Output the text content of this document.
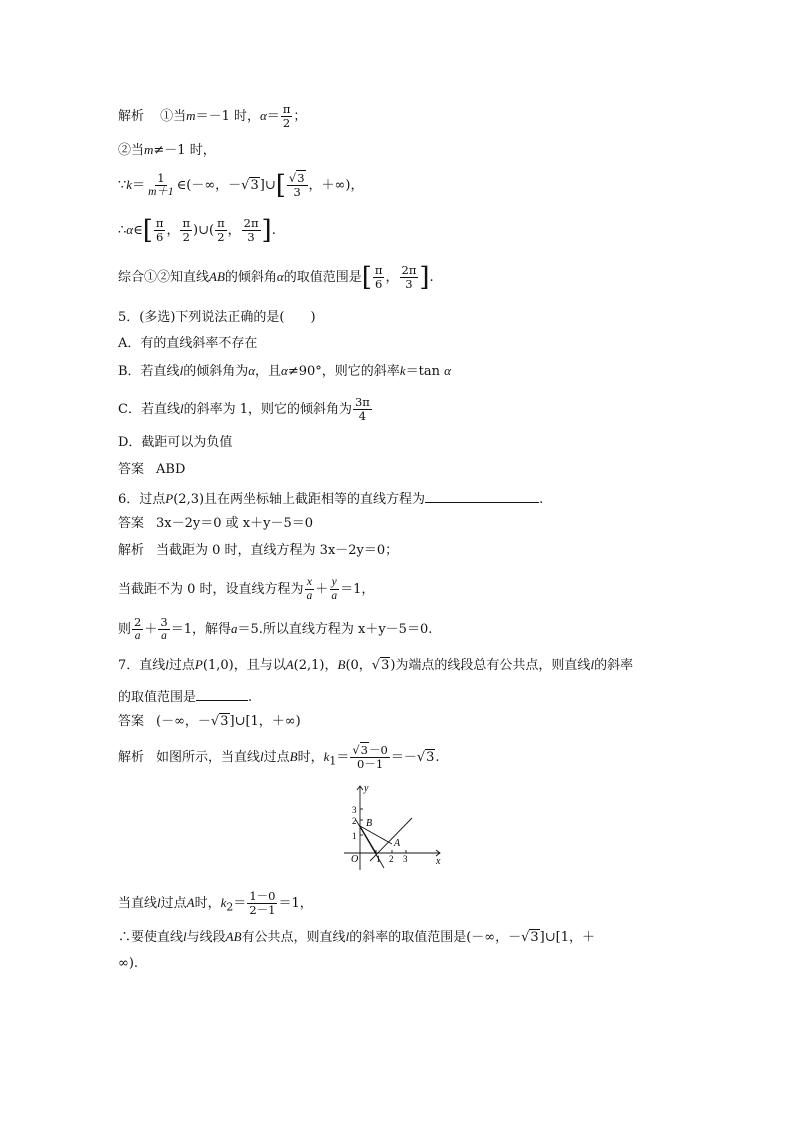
解析 ①当m＝－1 时，$\alpha= \frac{\pi}{2}$ ；
②当m≠－1 时，
∵k＝ $\frac{1}{m+1}$ ∈(－∞，－√3]∪[ $\frac{√3}{3}$ ，＋∞)，
∴α∈[ $\frac{\pi}{6}$ ， $\frac{\pi}{2}$ )∪( $\frac{\pi}{2}$ ， $\frac{2\pi}{3}$ ].
综合①②知直线AB的倾斜角α的取值范围是[ $\frac{\pi}{6}$ ， $\frac{2\pi}{3}$ ].
5．(多选)下列说法正确的是(　　)
A．有的直线斜率不存在
B．若直线l的倾斜角为α，且α≠90°，则它的斜率k＝tan α
C．若直线l的斜率为 1，则它的倾斜角为 $\frac{3\pi}{4}$
D．截距可以为负值
答案 ABD
6．过点P(2,3)且在两坐标轴上截距相等的直线方程为	.
答案 3x－2y＝0 或 x＋y－5＝0
解析 当截距为 0 时，直线方程为 3x－2y＝0；
当截距不为 0 时，设直线方程为 $\frac{x}{a} + \frac{y}{a} =1$，
则 $\frac{2}{a} + \frac{3}{a} =1$，解得a＝5.所以直线方程为 x＋y－5＝0.
7．直线l过点P(1,0)，且与以A(2,1)，B(0，√3)为端点的线段总有公共点，则直线l的斜率
的取值范围是	.
答案 (－∞，－√3]∪[1，＋∞)
解析 如图所示，当直线l过点B时，$k_1= \frac{√3-0}{0-1} =-√3$.
y
x
O
B
A
3
2
1
1 2 3
当直线l过点A时，$k_2= \frac{1-0}{2-1} =1$，
∴要使直线l与线段AB有公共点，则直线l的斜率的取值范围是(－∞，－√3]∪[1，＋
∞).
